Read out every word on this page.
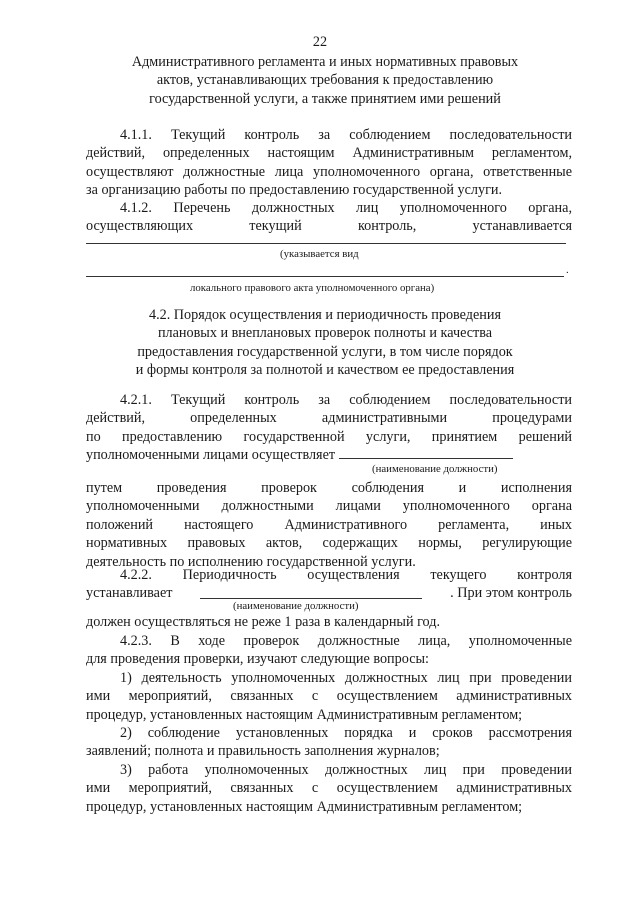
22
Административного регламента и иных нормативных правовых
актов, устанавливающих требования к предоставлению
государственной услуги, а также принятием ими решений
4.1.1. Текущий контроль за соблюдением последовательности
действий, определенных настоящим Административным регламентом,
осуществляют должностные лица уполномоченного органа, ответственные
за организацию работы по предоставлению государственной услуги.
4.1.2. Перечень должностных лиц уполномоченного органа,
осуществляющих текущий контроль, устанавливается
(указывается вид
.
локального правового акта уполномоченного органа)
4.2. Порядок осуществления и периодичность проведения
плановых и внеплановых проверок полноты и качества
предоставления государственной услуги, в том числе порядок
и формы контроля за полнотой и качеством ее предоставления
4.2.1. Текущий контроль за соблюдением последовательности
действий, определенных административными процедурами
по предоставлению государственной услуги, принятием решений
уполномоченными лицами осуществляет
(наименование должности)
путем проведения проверок соблюдения и исполнения
уполномоченными должностными лицами уполномоченного органа
положений настоящего Административного регламента, иных
нормативных правовых актов, содержащих нормы, регулирующие
деятельность по исполнению государственной услуги.
4.2.2. Периодичность осуществления текущего контроля
устанавливает	. При этом контроль
(наименование должности)
должен осуществляться не реже 1 раза в календарный год.
4.2.3. В ходе проверок должностные лица, уполномоченные
для проведения проверки, изучают следующие вопросы:
1) деятельность уполномоченных должностных лиц при проведении
ими мероприятий, связанных с осуществлением административных
процедур, установленных настоящим Административным регламентом;
2) соблюдение установленных порядка и сроков рассмотрения
заявлений; полнота и правильность заполнения журналов;
3) работа уполномоченных должностных лиц при проведении
ими мероприятий, связанных с осуществлением административных
процедур, установленных настоящим Административным регламентом;
